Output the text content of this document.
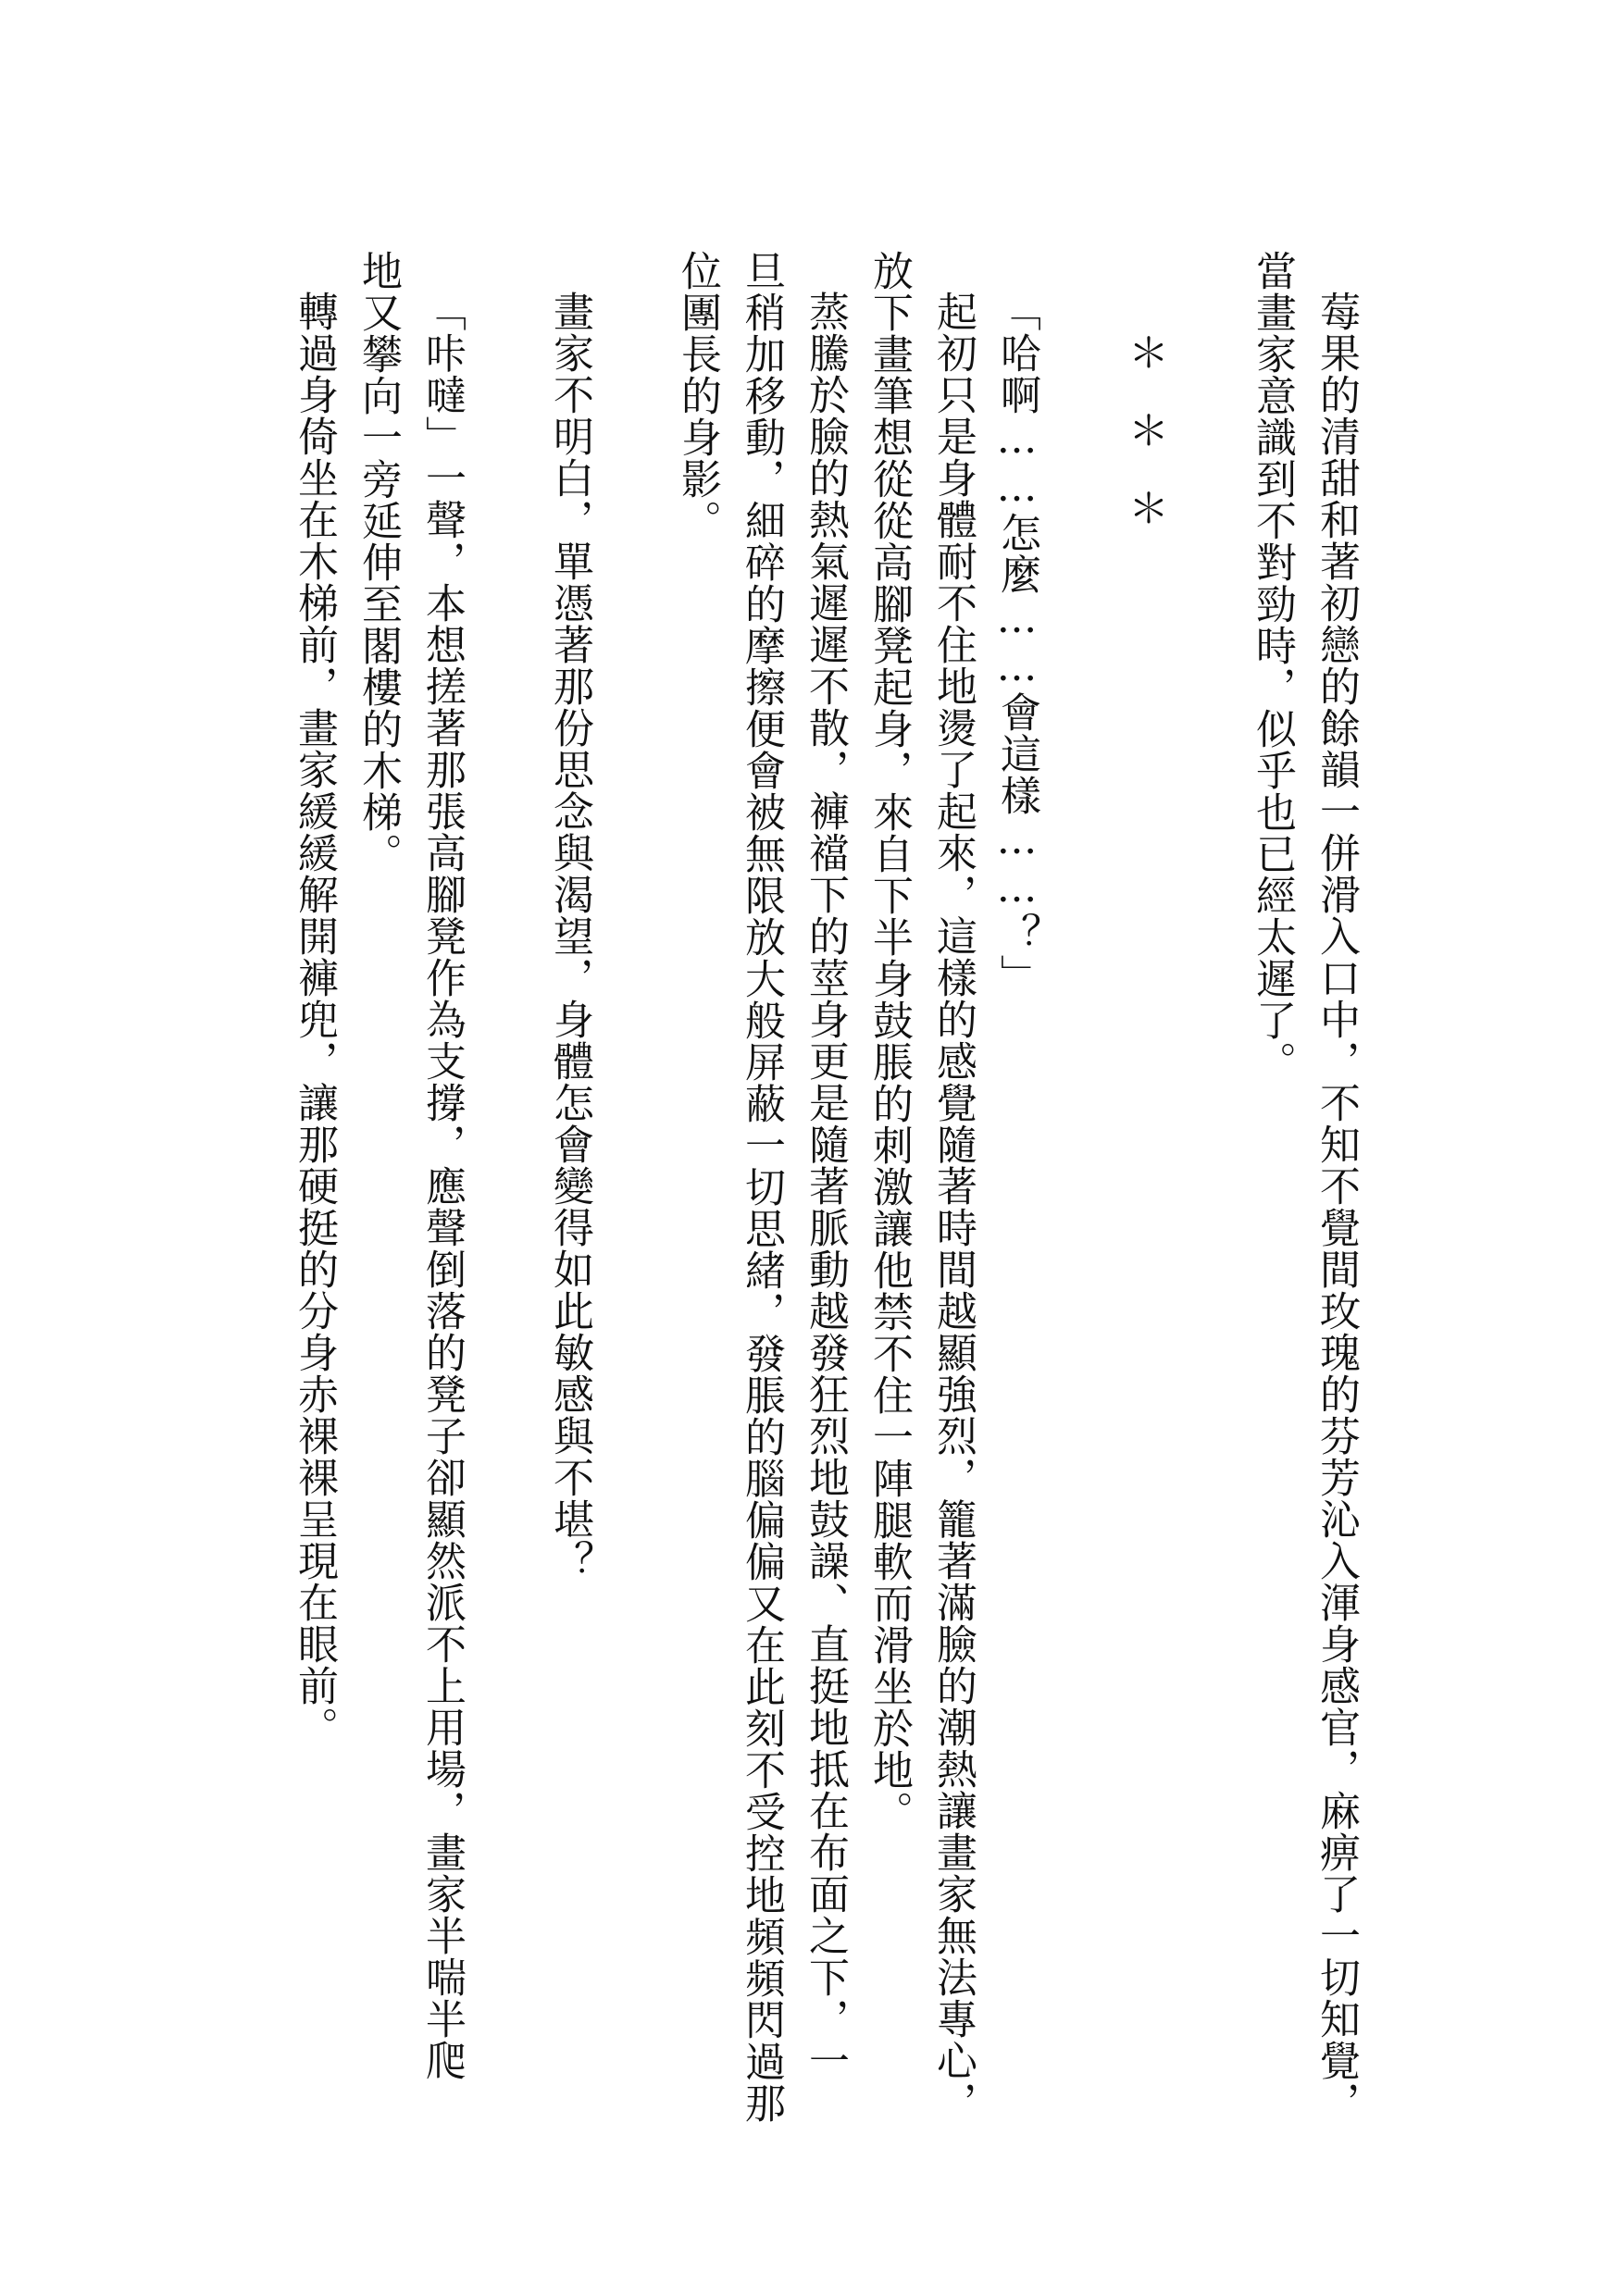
莓果的清甜和著初戀的餘韻一併滑入口中，不知不覺間玫瑰的芬芳沁入渾身感官，麻痹了一切知覺，
當畫家意識到不對勁時，似乎也已經太遲了。
＊＊＊
「哈啊……怎麼……會這樣……？」
起初只是身體耐不住地燙了起來，這樣的感覺隨著時間越顯強烈，籠著滿臉的潮熱讓畫家無法專心，
放下畫筆想從從高腳凳起身，來自下半身鼓脹的刺激讓他禁不住一陣腿軟而滑坐於地。
蒸騰於臉的熱氣遲遲不散，褲襠下的莖身更是隨著脈動越發狂烈地鼓譟、直挺地抵在布面之下，一
旦稍加移動，細碎的摩擦便會被無限放大般屏蔽一切思緒，發脹的腦偏偏又在此刻不受控地頻頻閃過那
位團長的身影。
畫家不明白，單憑著那份思念與渴望，身體怎會變得如此敏感與不堪？
「咔噠」一聲，本想搓著那張高腳凳作為支撐，應聲倒落的凳子卻顯然派不上用場，畫家半喘半爬
地又攀向一旁延伸至閣樓的木梯。
轉過身倚坐在木梯前，畫家緩緩解開褲兜，讓那硬挺的分身赤裸裸呈現在眼前。
